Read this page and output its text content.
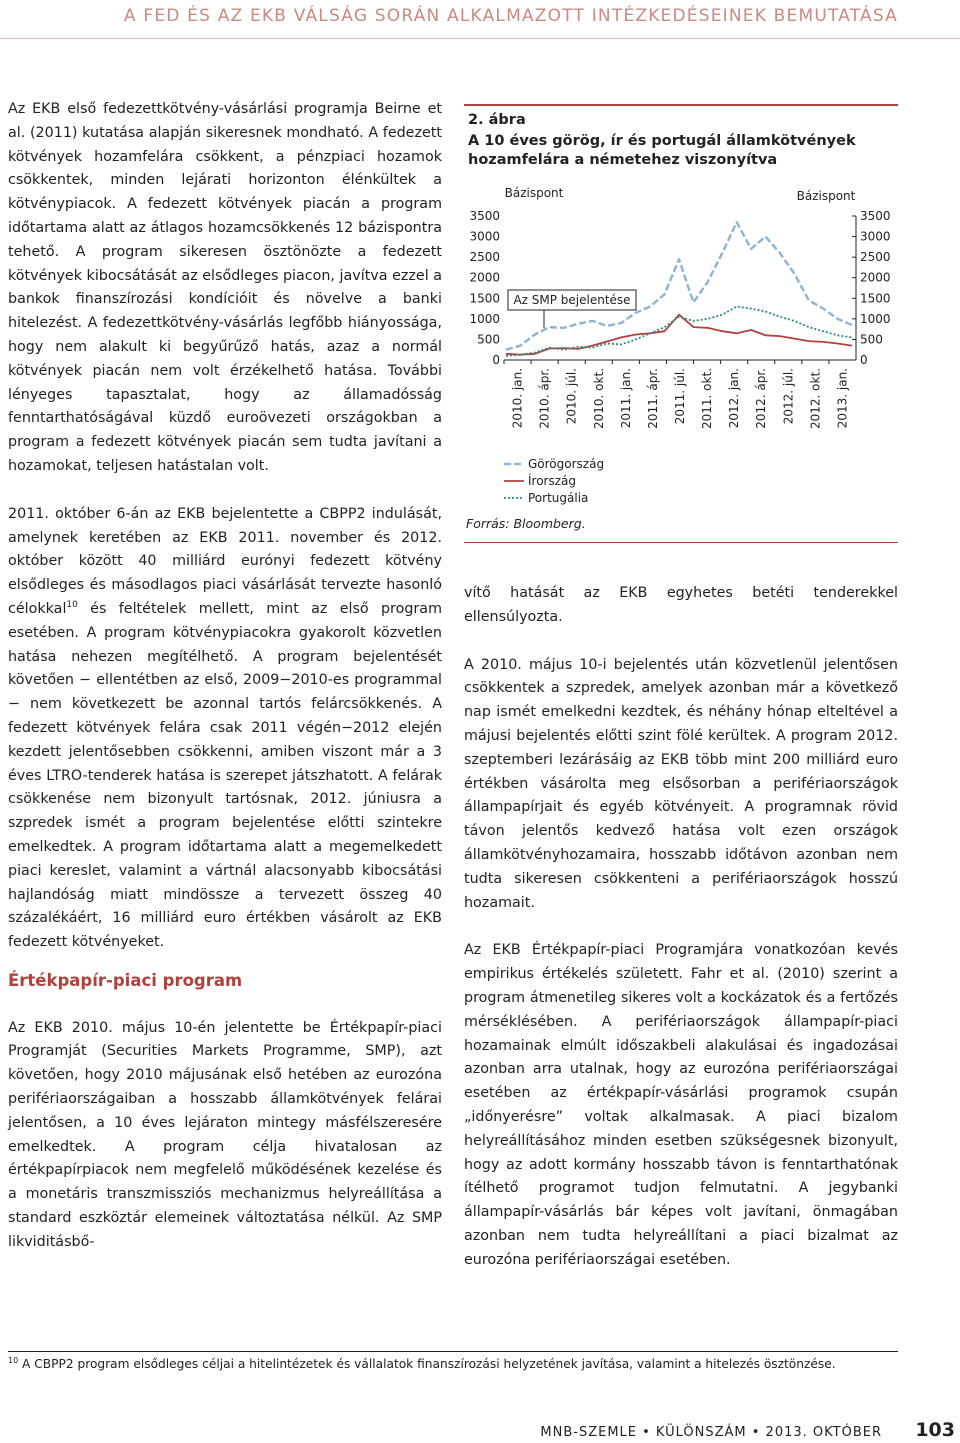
A FED ÉS AZ EKB VÁLSÁG SORÁN ALKALMAZOTT INTÉZKEDÉSEINEK BEMUTATÁSA

Az EKB első fedezettkötvény-vásárlási programja Beirne et al. (2011) kutatása alapján sikeresnek mondható. A fedezett kötvények hozamfelára csökkent, a pénzpiaci hozamok csökkentek, minden lejárati horizonton élénkültek a kötvénypiacok. A fedezett kötvények piacán a program időtartama alatt az átlagos hozamcsökkenés 12 bázispontra tehető. A program sikeresen ösztönözte a fedezett kötvények kibocsátását az elsődleges piacon, javítva ezzel a bankok finanszírozási kondícióit és növelve a banki hitelezést. A fedezettkötvény-vásárlás legfőbb hiányossága, hogy nem alakult ki begyűrűző hatás, azaz a normál kötvények piacán nem volt érzékelhető hatása. További lényeges tapasztalat, hogy az államadósság fenntarthatóságával küzdő euroövezeti országokban a program a fedezett kötvények piacán sem tudta javítani a hozamokat, teljesen hatástalan volt.

2011. október 6-án az EKB bejelentette a CBPP2 indulását, amelynek keretében az EKB 2011. november és 2012. október között 40 milliárd eurónyi fedezett kötvény elsődleges és másodlagos piaci vásárlását tervezte hasonló célokkal$^{10}$ és feltételek mellett, mint az első program esetében. A program kötvénypiacokra gyakorolt közvetlen hatása nehezen megítélhető. A program bejelentését követően − ellentétben az első, 2009−2010-es programmal − nem következett be azonnal tartós felárcsökkenés. A fedezett kötvények felára csak 2011 végén−2012 elején kezdett jelentősebben csökkenni, amiben viszont már a 3 éves LTRO-tenderek hatása is szerepet játszhatott. A felárak csökkenése nem bizonyult tartósnak, 2012. júniusra a szpredek ismét a program bejelentése előtti szintekre emelkedtek. A program időtartama alatt a megemelkedett piaci kereslet, valamint a vártnál alacsonyabb kibocsátási hajlandóság miatt mindössze a tervezett összeg 40 százalékáért, 16 milliárd euro értékben vásárolt az EKB fedezett kötvényeket.

Értékpapír-piaci program

Az EKB 2010. május 10-én jelentette be Értékpapír-piaci Programját (Securities Markets Programme, SMP), azt követően, hogy 2010 májusának első hetében az eurozóna perifériaországaiban a hosszabb államkötvények felárai jelentősen, a 10 éves lejáraton mintegy másfélszeresére emelkedtek. A program célja hivatalosan az értékpapírpiacok nem megfelelő működésének kezelése és a monetáris transzmissziós mechanizmus helyreállítása a standard eszköztár elemeinek változtatása nélkül. Az SMP likviditásbő-

2. ábra
A 10 éves görög, ír és portugál államkötvények hozamfelára a németehez viszonyítva
Bázispont	Bázispont
0	0
500	500
1000	1000
1500	1500
2000	2000
2500	2500
3000	3000
3500	3500
2010. jan. 2010. ápr. 2010. júl. 2010. okt. 2011. jan. 2011. ápr. 2011. júl. 2011. okt. 2012. jan. 2012. ápr. 2012. júl. 2012. okt. 2013. jan.
Az SMP bejelentése
Görögország
Írország
Portugália
Forrás: Bloomberg.

vítő hatását az EKB egyhetes betéti tenderekkel ellensúlyozta.

A 2010. május 10-i bejelentés után közvetlenül jelentősen csökkentek a szpredek, amelyek azonban már a következő nap ismét emelkedni kezdtek, és néhány hónap elteltével a májusi bejelentés előtti szint fölé kerültek. A program 2012. szeptemberi lezárásáig az EKB több mint 200 milliárd euro értékben vásárolta meg elsősorban a perifériaországok állampapírjait és egyéb kötvényeit. A programnak rövid távon jelentős kedvező hatása volt ezen országok államkötvényhozamaira, hosszabb időtávon azonban nem tudta sikeresen csökkenteni a perifériaországok hosszú hozamait.

Az EKB Értékpapír-piaci Programjára vonatkozóan kevés empirikus értékelés született. Fahr et al. (2010) szerint a program átmenetileg sikeres volt a kockázatok és a fertőzés mérséklésében. A perifériaországok állampapír-piaci hozamainak elmúlt időszakbeli alakulásai és ingadozásai azonban arra utalnak, hogy az eurozóna perifériaországai esetében az értékpapír-vásárlási programok csupán „időnyerésre” voltak alkalmasak. A piaci bizalom helyreállításához minden esetben szükségesnek bizonyult, hogy az adott kormány hosszabb távon is fenntarthatónak ítélhető programot tudjon felmutatni. A jegybanki állampapír-vásárlás bár képes volt javítani, önmagában azonban nem tudta helyreállítani a piaci bizalmat az eurozóna perifériaországai esetében.

$^{10}$ A CBPP2 program elsődleges céljai a hitelintézetek és vállalatok finanszírozási helyzetének javítása, valamint a hitelezés ösztönzése.
MNB-SZEMLE • KÜLÖNSZÁM • 2013. OKTÓBER 103
